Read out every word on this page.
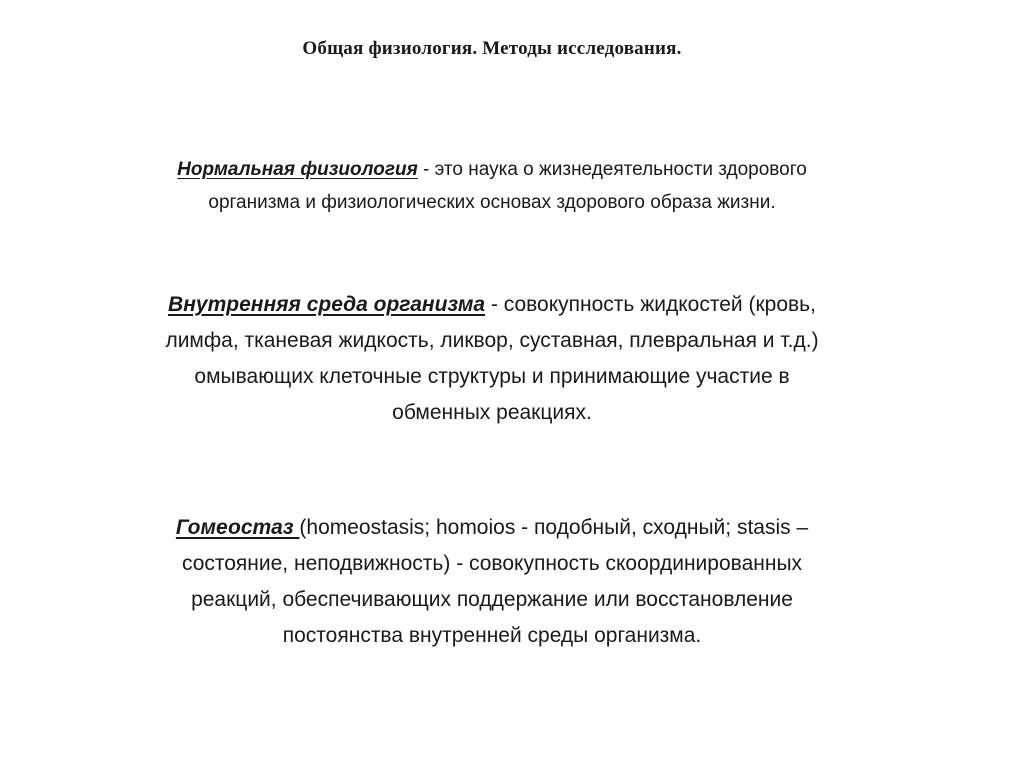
Общая физиология. Методы исследования.
Нормальная физиология - это наука о жизнедеятельности здорового
организма и физиологических основах здорового образа жизни.
Внутренняя среда организма - совокупность жидкостей (кровь,
лимфа, тканевая жидкость, ликвор, суставная, плевральная и т.д.)
омывающих клеточные структуры и принимающие участие в
обменных реакциях.
Гомеостаз (homeostasis; homoios - подобный, сходный; stasis –
состояние, неподвижность) - совокупность скоординированных
реакций, обеспечивающих поддержание или восстановление
постоянства внутренней среды организма.
